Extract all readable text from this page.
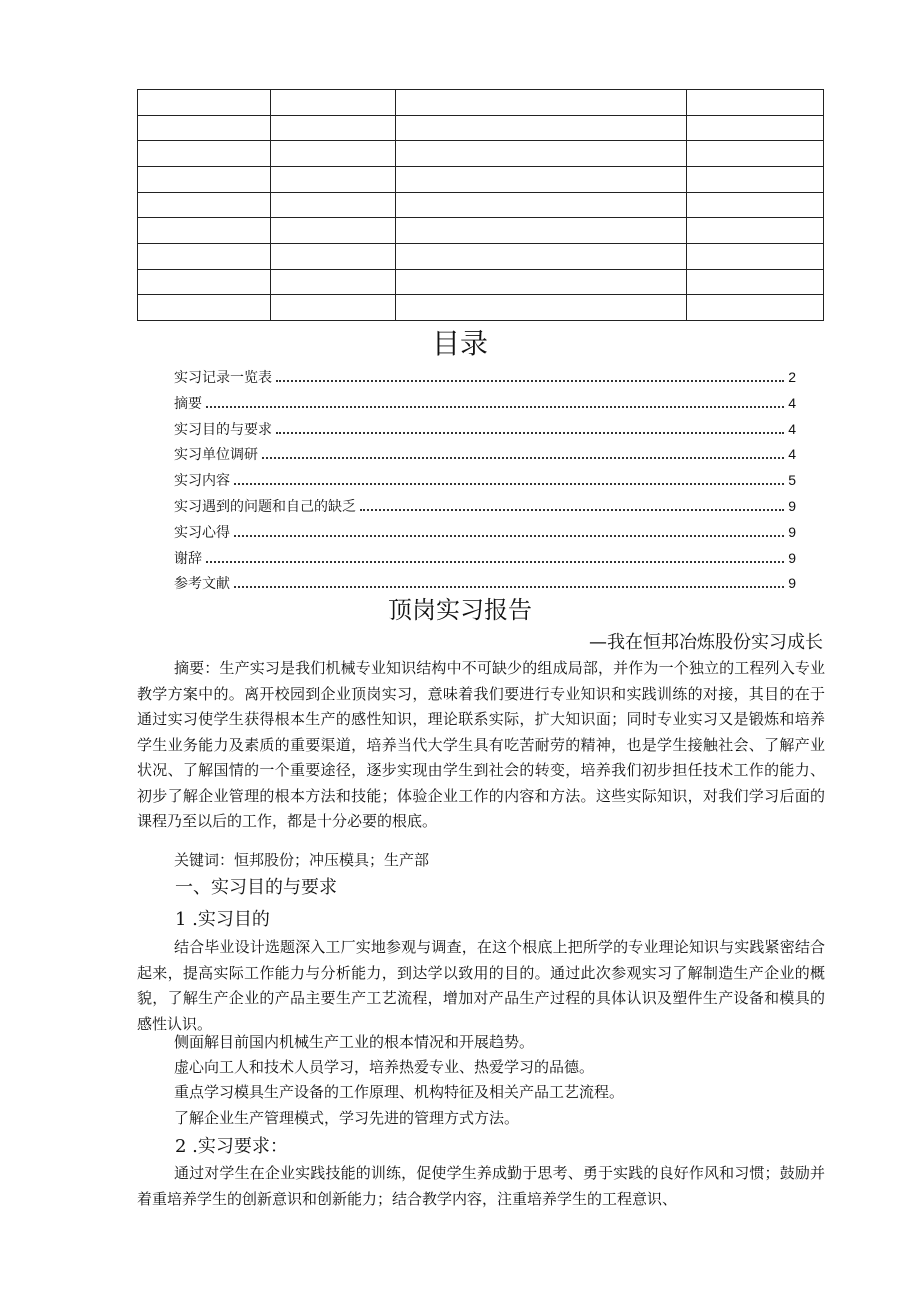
目录
实习记录一览表	2
摘要	4
实习目的与要求	4
实习单位调研	4
实习内容	5
实习遇到的问题和自己的缺乏	9
实习心得	9
谢辞	9
参考文献	9
顶岗实习报告
—我在恒邦冶炼股份实习成长

摘要：生产实习是我们机械专业知识结构中不可缺少的组成局部，并作为一个独立的工程列入专业教学方案中的。离开校园到企业顶岗实习，意味着我们要进行专业知识和实践训练的对接，其目的在于通过实习使学生获得根本生产的感性知识，理论联系实际，扩大知识面；同时专业实习又是锻炼和培养学生业务能力及素质的重要渠道，培养当代大学生具有吃苦耐劳的精神，也是学生接触社会、了解产业状况、了解国情的一个重要途径，逐步实现由学生到社会的转变，培养我们初步担任技术工作的能力、初步了解企业管理的根本方法和技能；体验企业工作的内容和方法。这些实际知识，对我们学习后面的课程乃至以后的工作，都是十分必要的根底。

关键词：恒邦股份；冲压模具；生产部

一、实习目的与要求
1 .实习目的

结合毕业设计选题深入工厂实地参观与调查，在这个根底上把所学的专业理论知识与实践紧密结合起来，提高实际工作能力与分析能力，到达学以致用的目的。通过此次参观实习了解制造生产企业的概貌，了解生产企业的产品主要生产工艺流程，增加对产品生产过程的具体认识及塑件生产设备和模具的感性认识。

侧面解目前国内机械生产工业的根本情况和开展趋势。

虚心向工人和技术人员学习，培养热爱专业、热爱学习的品德。

重点学习模具生产设备的工作原理、机构特征及相关产品工艺流程。

了解企业生产管理模式，学习先进的管理方式方法。

2 .实习要求：

通过对学生在企业实践技能的训练，促使学生养成勤于思考、勇于实践的良好作风和习惯；鼓励并着重培养学生的创新意识和创新能力；结合教学内容，注重培养学生的工程意识、
